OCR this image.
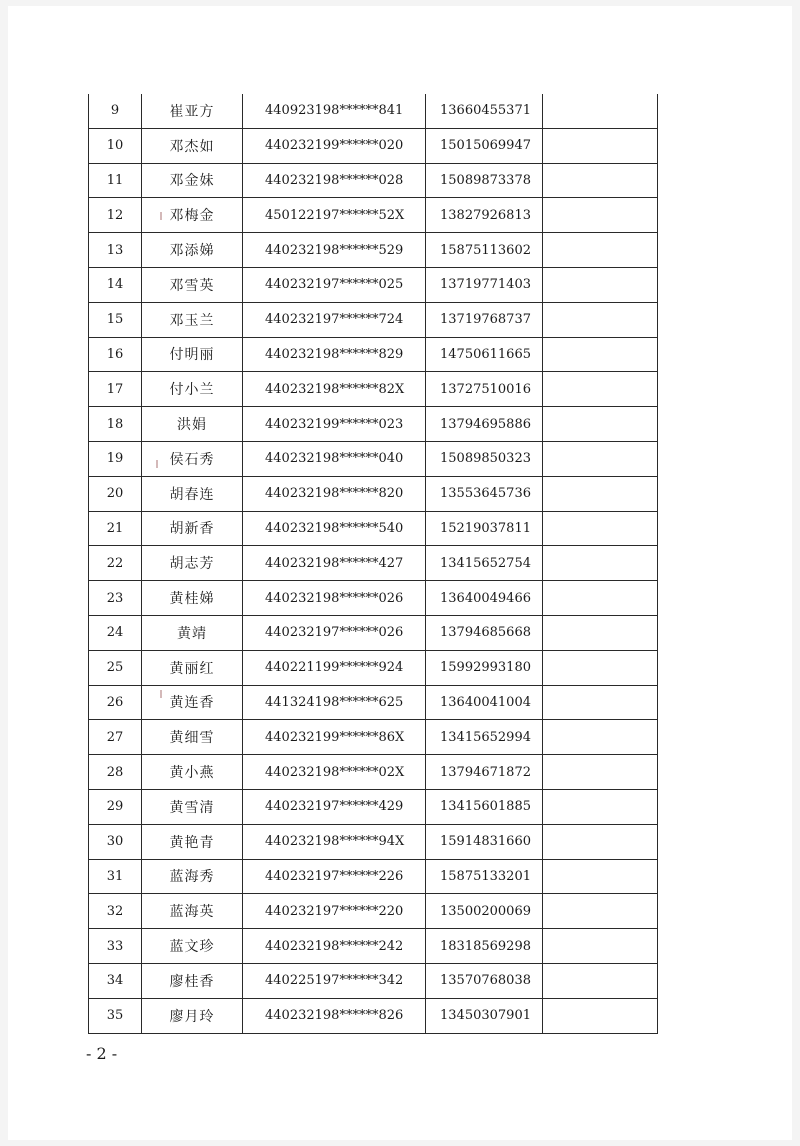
9	崔亚方	440923198******841	13660455371	
10	邓杰如	440232199******020	15015069947	
11	邓金妹	440232198******028	15089873378	
12	邓梅金	450122197******52X	13827926813	
13	邓添娣	440232198******529	15875113602	
14	邓雪英	440232197******025	13719771403	
15	邓玉兰	440232197******724	13719768737	
16	付明丽	440232198******829	14750611665	
17	付小兰	440232198******82X	13727510016	
18	洪娟	440232199******023	13794695886	
19	侯石秀	440232198******040	15089850323	
20	胡春连	440232198******820	13553645736	
21	胡新香	440232198******540	15219037811	
22	胡志芳	440232198******427	13415652754	
23	黄桂娣	440232198******026	13640049466	
24	黄靖	440232197******026	13794685668	
25	黄丽红	440221199******924	15992993180	
26	黄连香	441324198******625	13640041004	
27	黄细雪	440232199******86X	13415652994	
28	黄小燕	440232198******02X	13794671872	
29	黄雪清	440232197******429	13415601885	
30	黄艳青	440232198******94X	15914831660	
31	蓝海秀	440232197******226	15875133201	
32	蓝海英	440232197******220	13500200069	
33	蓝文珍	440232198******242	18318569298	
34	廖桂香	440225197******342	13570768038	
35	廖月玲	440232198******826	13450307901	
- 2 -
